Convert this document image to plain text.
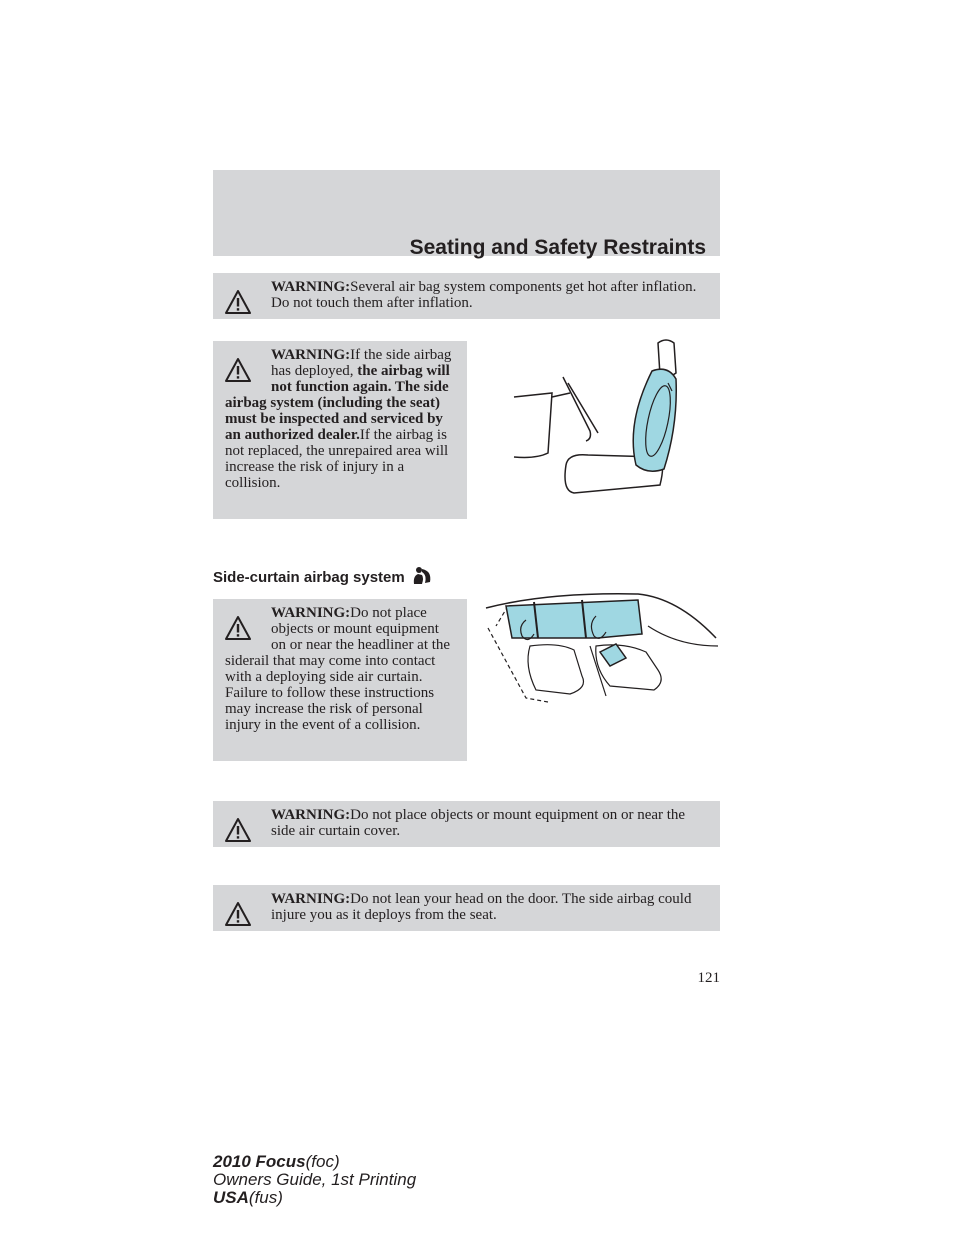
Seating and Safety Restraints

WARNING:Several air bag system components get hot after inflation. Do not touch them after inflation.

WARNING:If the side airbag has deployed, the airbag will not function again. The side airbag system (including the seat) must be inspected and serviced by an authorized dealer.If the airbag is not replaced, the unrepaired area will increase the risk of injury in a collision.

Side-curtain airbag system

WARNING:Do not place objects or mount equipment on or near the headliner at the siderail that may come into contact with a deploying side air curtain. Failure to follow these instructions may increase the risk of personal injury in the event of a collision.

WARNING:Do not place objects or mount equipment on or near the side air curtain cover.

WARNING:Do not lean your head on the door. The side airbag could injure you as it deploys from the seat.

121
2010 Focus(foc)
Owners Guide, 1st Printing
USA(fus)
